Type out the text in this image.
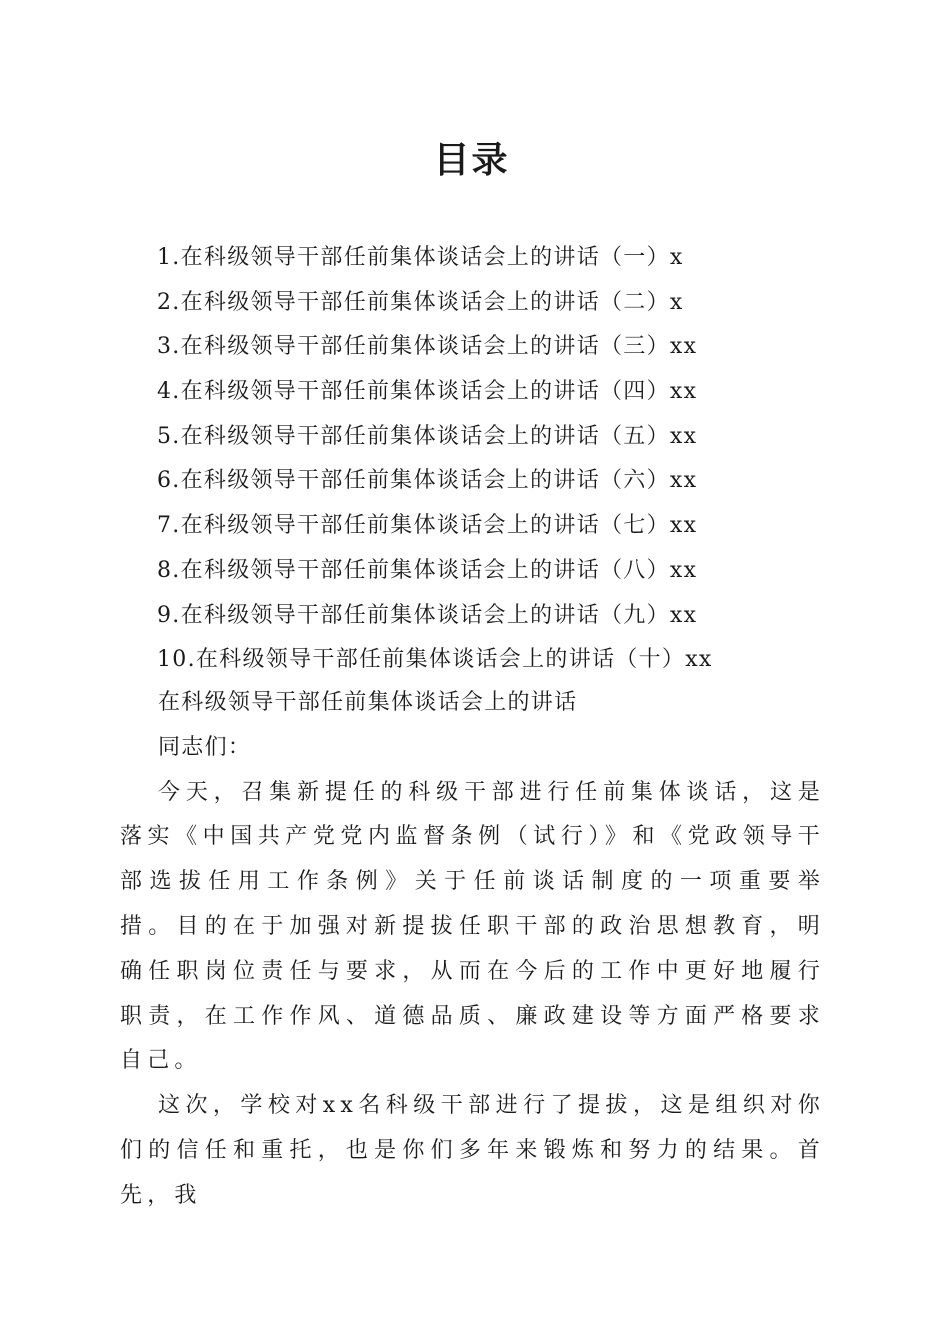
目录
1.在科级领导干部任前集体谈话会上的讲话（一）x
2.在科级领导干部任前集体谈话会上的讲话（二）x
3.在科级领导干部任前集体谈话会上的讲话（三）xx
4.在科级领导干部任前集体谈话会上的讲话（四）xx
5.在科级领导干部任前集体谈话会上的讲话（五）xx
6.在科级领导干部任前集体谈话会上的讲话（六）xx
7.在科级领导干部任前集体谈话会上的讲话（七）xx
8.在科级领导干部任前集体谈话会上的讲话（八）xx
9.在科级领导干部任前集体谈话会上的讲话（九）xx
10.在科级领导干部任前集体谈话会上的讲话（十）xx
在科级领导干部任前集体谈话会上的讲话
同志们：

今天，召集新提任的科级干部进行任前集体谈话，这是落实《中国共产党党内监督条例（试行）》和《党政领导干部选拔任用工作条例》关于任前谈话制度的一项重要举措。目的在于加强对新提拔任职干部的政治思想教育，明确任职岗位责任与要求，从而在今后的工作中更好地履行职责，在工作作风、道德品质、廉政建设等方面严格要求自己。

这次，学校对xx名科级干部进行了提拔，这是组织对你们的信任和重托，也是你们多年来锻炼和努力的结果。首先，我
